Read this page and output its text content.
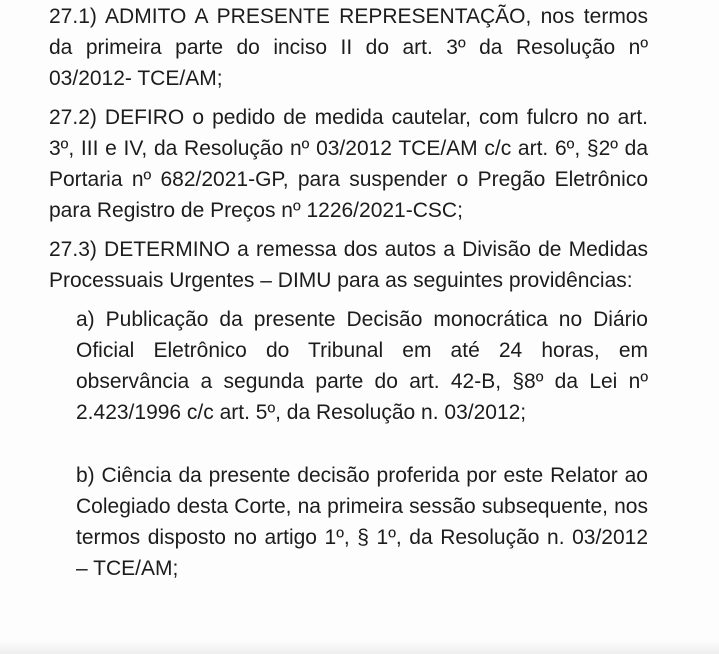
27.1) ADMITO A PRESENTE REPRESENTAÇÃO, nos termos da primeira parte do inciso II do art. 3º da Resolução nº 03/2012- TCE/AM;

27.2) DEFIRO o pedido de medida cautelar, com fulcro no art. 3º, III e IV, da Resolução nº 03/2012 TCE/AM c/c art. 6º, §2º da Portaria nº 682/2021-GP, para suspender o Pregão Eletrônico para Registro de Preços nº 1226/2021-CSC;

27.3) DETERMINO a remessa dos autos a Divisão de Medidas Processuais Urgentes – DIMU para as seguintes providências:

a) Publicação da presente Decisão monocrática no Diário Oficial Eletrônico do Tribunal em até 24 horas, em observância a segunda parte do art. 42-B, §8º da Lei nº 2.423/1996 c/c art. 5º, da Resolução n. 03/2012;

b) Ciência da presente decisão proferida por este Relator ao Colegiado desta Corte, na primeira sessão subsequente, nos termos disposto no artigo 1º, § 1º, da Resolução n. 03/2012 – TCE/AM;
